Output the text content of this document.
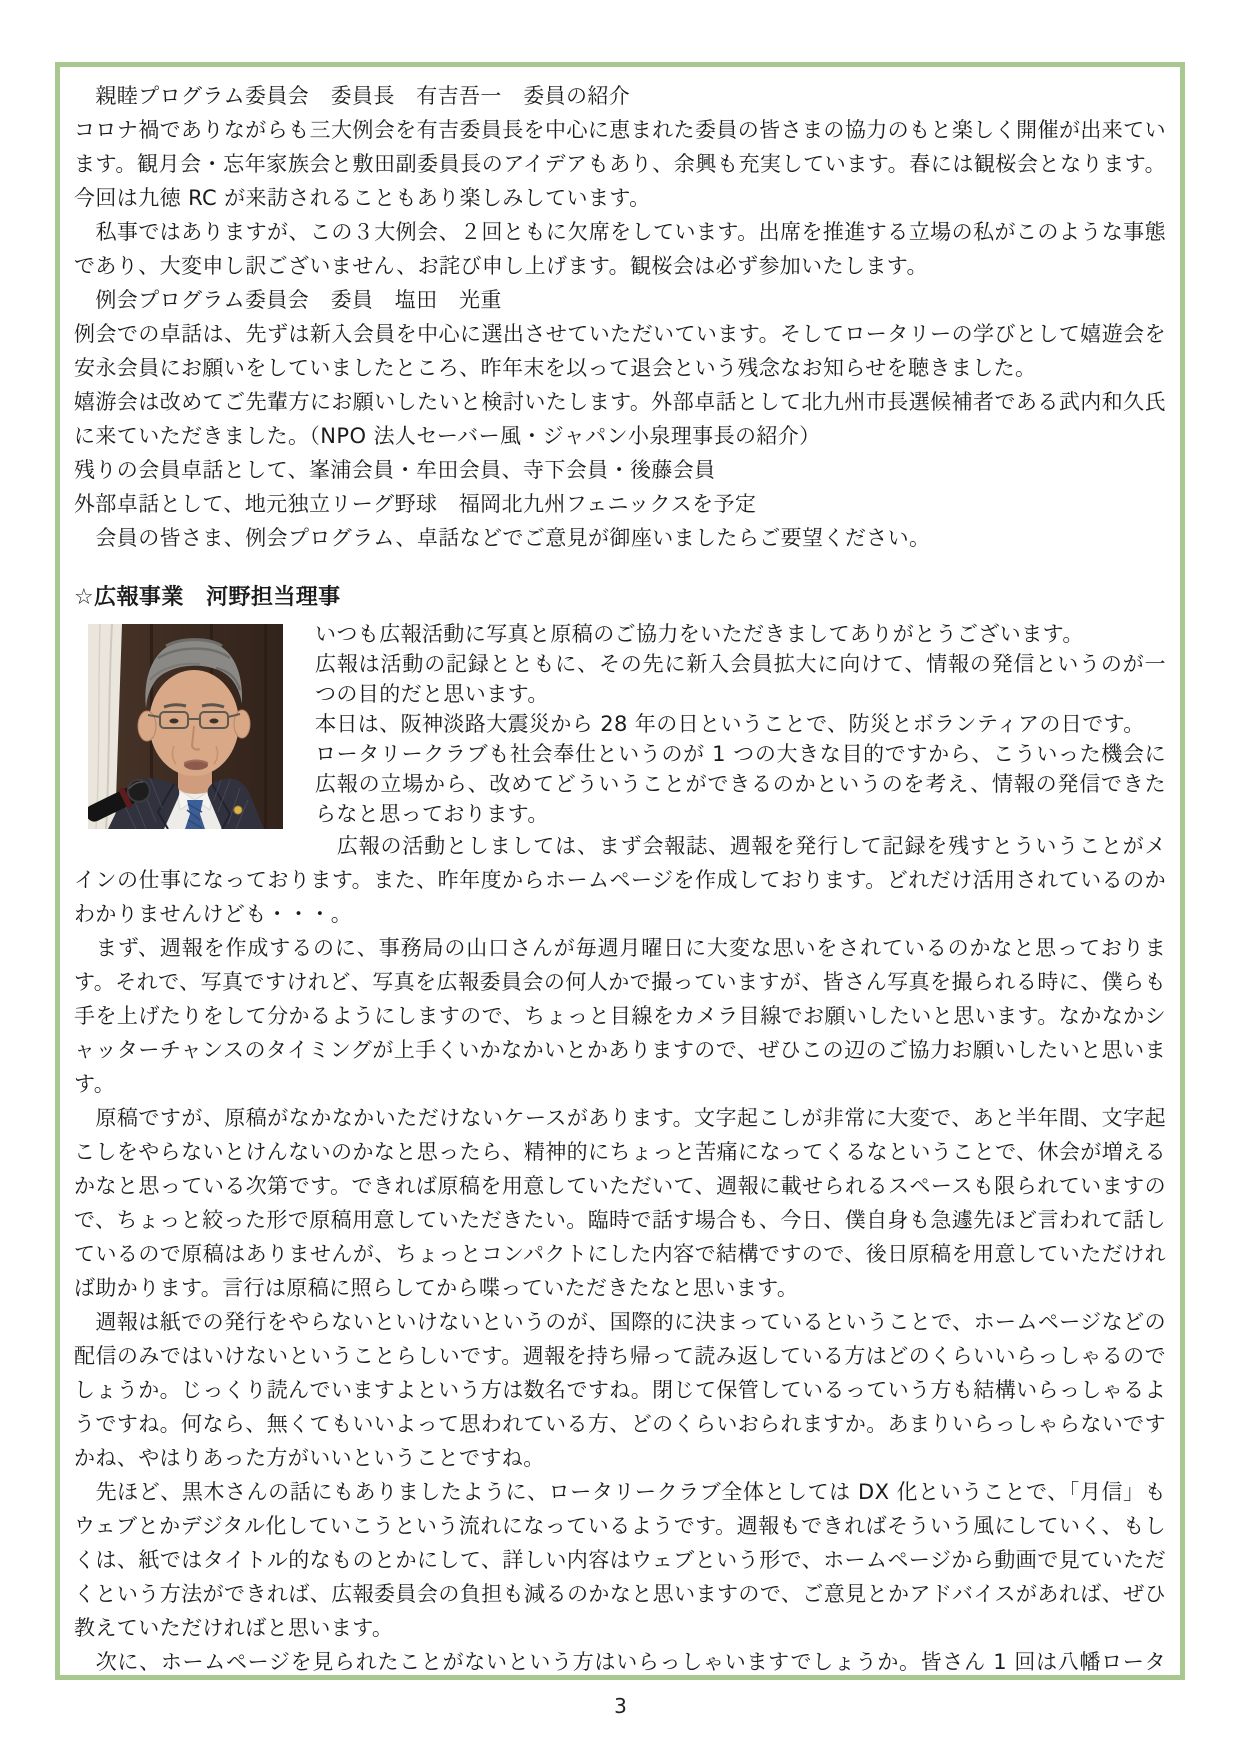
　親睦プログラム委員会　委員長　有吉吾一　委員の紹介

コロナ禍でありながらも三大例会を有吉委員長を中心に恵まれた委員の皆さまの協力のもと楽しく開催が出来ています。観月会・忘年家族会と敷田副委員長のアイデアもあり、余興も充実しています。春には観桜会となります。今回は九徳 RC が来訪されることもあり楽しみしています。

　私事ではありますが、この３大例会、２回ともに欠席をしています。出席を推進する立場の私がこのような事態であり、大変申し訳ございません、お詫び申し上げます。観桜会は必ず参加いたします。

　例会プログラム委員会　委員　塩田　光重

例会での卓話は、先ずは新入会員を中心に選出させていただいています。そしてロータリーの学びとして嬉遊会を安永会員にお願いをしていましたところ、昨年末を以って退会という残念なお知らせを聴きました。

嬉游会は改めてご先輩方にお願いしたいと検討いたします。外部卓話として北九州市長選候補者である武内和久氏に来ていただきました。（NPO 法人セーバー風・ジャパン小泉理事長の紹介）

残りの会員卓話として、峯浦会員・牟田会員、寺下会員・後藤会員

外部卓話として、地元独立リーグ野球　福岡北九州フェニックスを予定

　会員の皆さま、例会プログラム、卓話などでご意見が御座いましたらご要望ください。

☆広報事業　河野担当理事

いつも広報活動に写真と原稿のご協力をいただきましてありがとうございます。

広報は活動の記録とともに、その先に新入会員拡大に向けて、情報の発信というのが一つの目的だと思います。

本日は、阪神淡路大震災から 28 年の日ということで、防災とボランティアの日です。

ロータリークラブも社会奉仕というのが 1 つの大きな目的ですから、こういった機会に広報の立場から、改めてどういうことができるのかというのを考え、情報の発信できたらなと思っております。

　広報の活動としましては、まず会報誌、週報を発行して記録を残すとういうことがメインの仕事になっております。また、昨年度からホームページを作成しております。どれだけ活用されているのかわかりませんけども・・・。

　まず、週報を作成するのに、事務局の山口さんが毎週月曜日に大変な思いをされているのかなと思っております。それで、写真ですけれど、写真を広報委員会の何人かで撮っていますが、皆さん写真を撮られる時に、僕らも手を上げたりをして分かるようにしますので、ちょっと目線をカメラ目線でお願いしたいと思います。なかなかシャッターチャンスのタイミングが上手くいかなかいとかありますので、ぜひこの辺のご協力お願いしたいと思います。

　原稿ですが、原稿がなかなかいただけないケースがあります。文字起こしが非常に大変で、あと半年間、文字起こしをやらないとけんないのかなと思ったら、精神的にちょっと苦痛になってくるなということで、休会が増えるかなと思っている次第です。できれば原稿を用意していただいて、週報に載せられるスペースも限られていますので、ちょっと絞った形で原稿用意していただきたい。臨時で話す場合も、今日、僕自身も急遽先ほど言われて話しているので原稿はありませんが、ちょっとコンパクトにした内容で結構ですので、後日原稿を用意していただければ助かります。言行は原稿に照らしてから喋っていただきたなと思います。

　週報は紙での発行をやらないといけないというのが、国際的に決まっているということで、ホームページなどの配信のみではいけないということらしいです。週報を持ち帰って読み返している方はどのくらいいらっしゃるのでしょうか。じっくり読んでいますよという方は数名ですね。閉じて保管しているっていう方も結構いらっしゃるようですね。何なら、無くてもいいよって思われている方、どのくらいおられますか。あまりいらっしゃらないですかね、やはりあった方がいいということですね。

　先ほど、黒木さんの話にもありましたように、ロータリークラブ全体としては DX 化ということで、「月信」もウェブとかデジタル化していこうという流れになっているようです。週報もできればそういう風にしていく、もしくは、紙ではタイトル的なものとかにして、詳しい内容はウェブという形で、ホームページから動画で見ていただくという方法ができれば、広報委員会の負担も減るのかなと思いますので、ご意見とかアドバイスがあれば、ぜひ教えていただければと思います。

　次に、ホームページを見られたことがないという方はいらっしゃいますでしょうか。皆さん 1 回は八幡ロータ

3
